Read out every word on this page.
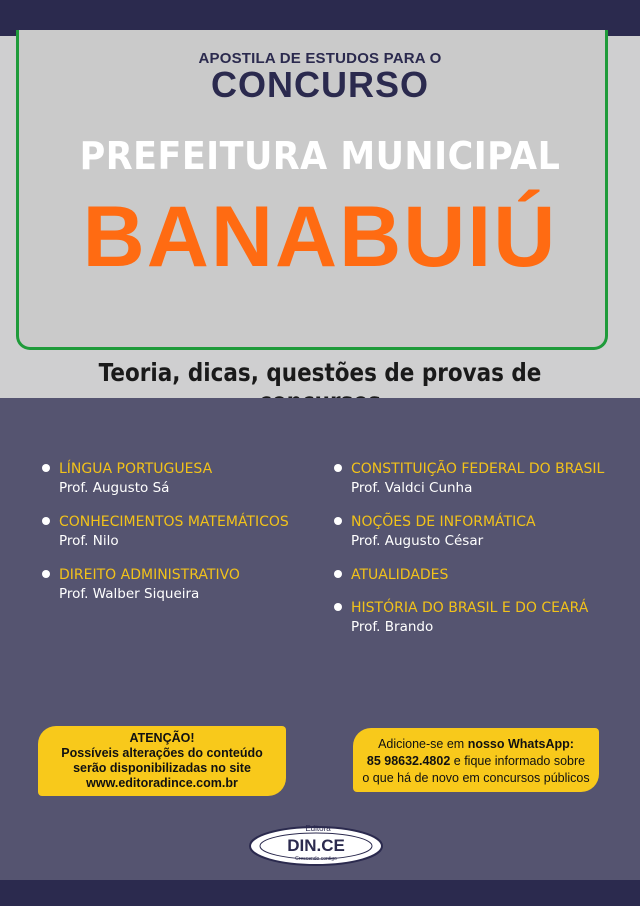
APOSTILA DE ESTUDOS PARA O
CONCURSO
PREFEITURA MUNICIPAL
BANABUIÚ
Teoria, dicas, questões de provas de
LÍNGUA PORTUGUESA
Prof. Augusto Sá
CONHECIMENTOS MATEMÁTICOS
Prof. Nilo
DIREITO ADMINISTRATIVO
Prof. Walber Siqueira
CONSTITUIÇÃO FEDERAL DO BRASIL
Prof. Valdci Cunha
NOÇÕES DE INFORMÁTICA
Prof. Augusto César
ATUALIDADES
HISTÓRIA DO BRASIL E DO CEARÁ
Prof. Brando
ATENÇÃO!
Possíveis alterações do conteúdo
serão disponibilizadas no site
www.editoradince.com.br
Adicione-se em nosso WhatsApp:
85 98632.4802 e fique informado sobre
o que há de novo em concursos públicos
Editora
DIN.CE
Crescendo contigo
